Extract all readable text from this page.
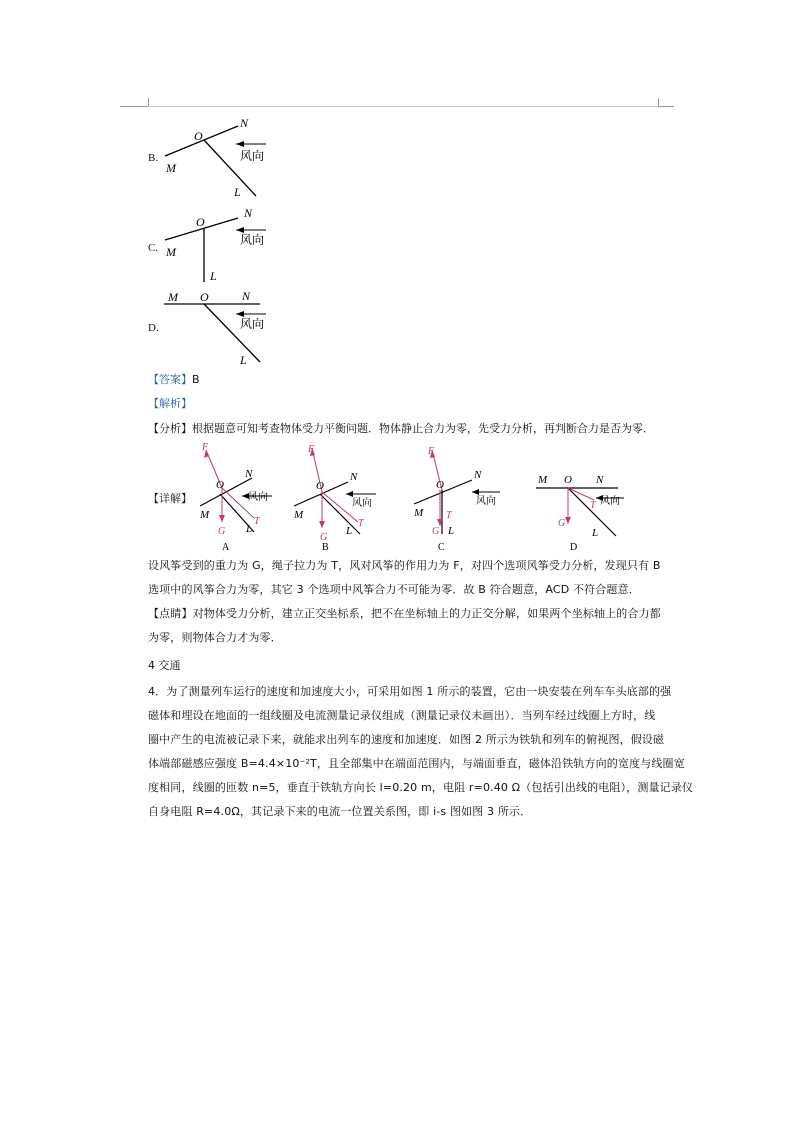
B.
O
N
M
L
风向
C.
O
N
M
L
风向
D.
M O	N
风向
L
【答案】B
【解析】
【分析】根据题意可知考查物体受力平衡问题．物体静止合力为零，先受力分析，再判断合力是否为零．
【详解】
F
O
N
M
G L
T
风向
A
F
O
N
M
G
L
T
风向
B
F
O
N
M T
G L
风向
C
M O N
G
T
L
风向
D
设风筝受到的重力为 G，绳子拉力为 T，风对风筝的作用力为 F，对四个选项风筝受力分析，发现只有 B
选项中的风筝合力为零，其它 3 个选项中风筝合力不可能为零．故 B 符合题意，ACD 不符合题意．
【点睛】对物体受力分析，建立正交坐标系，把不在坐标轴上的力正交分解，如果两个坐标轴上的合力都
为零，则物体合力才为零．
4 交通
4．为了测量列车运行的速度和加速度大小，可采用如图 1 所示的装置，它由一块安装在列车车头底部的强
磁体和埋设在地面的一组线圈及电流测量记录仪组成（测量记录仪未画出）．当列车经过线圈上方时，线
圈中产生的电流被记录下来，就能求出列车的速度和加速度．如图 2 所示为铁轨和列车的俯视图，假设磁
体端部磁感应强度 B=4.4×10⁻²T，且全部集中在端面范围内，与端面垂直，磁体沿铁轨方向的宽度与线圈宽
度相同，线圈的匝数 n=5，垂直于铁轨方向长 l=0.20 m，电阻 r=0.40 Ω（包括引出线的电阻），测量记录仪
自身电阻 R=4.0Ω，其记录下来的电流一位置关系图，即 i-s 图如图 3 所示．
